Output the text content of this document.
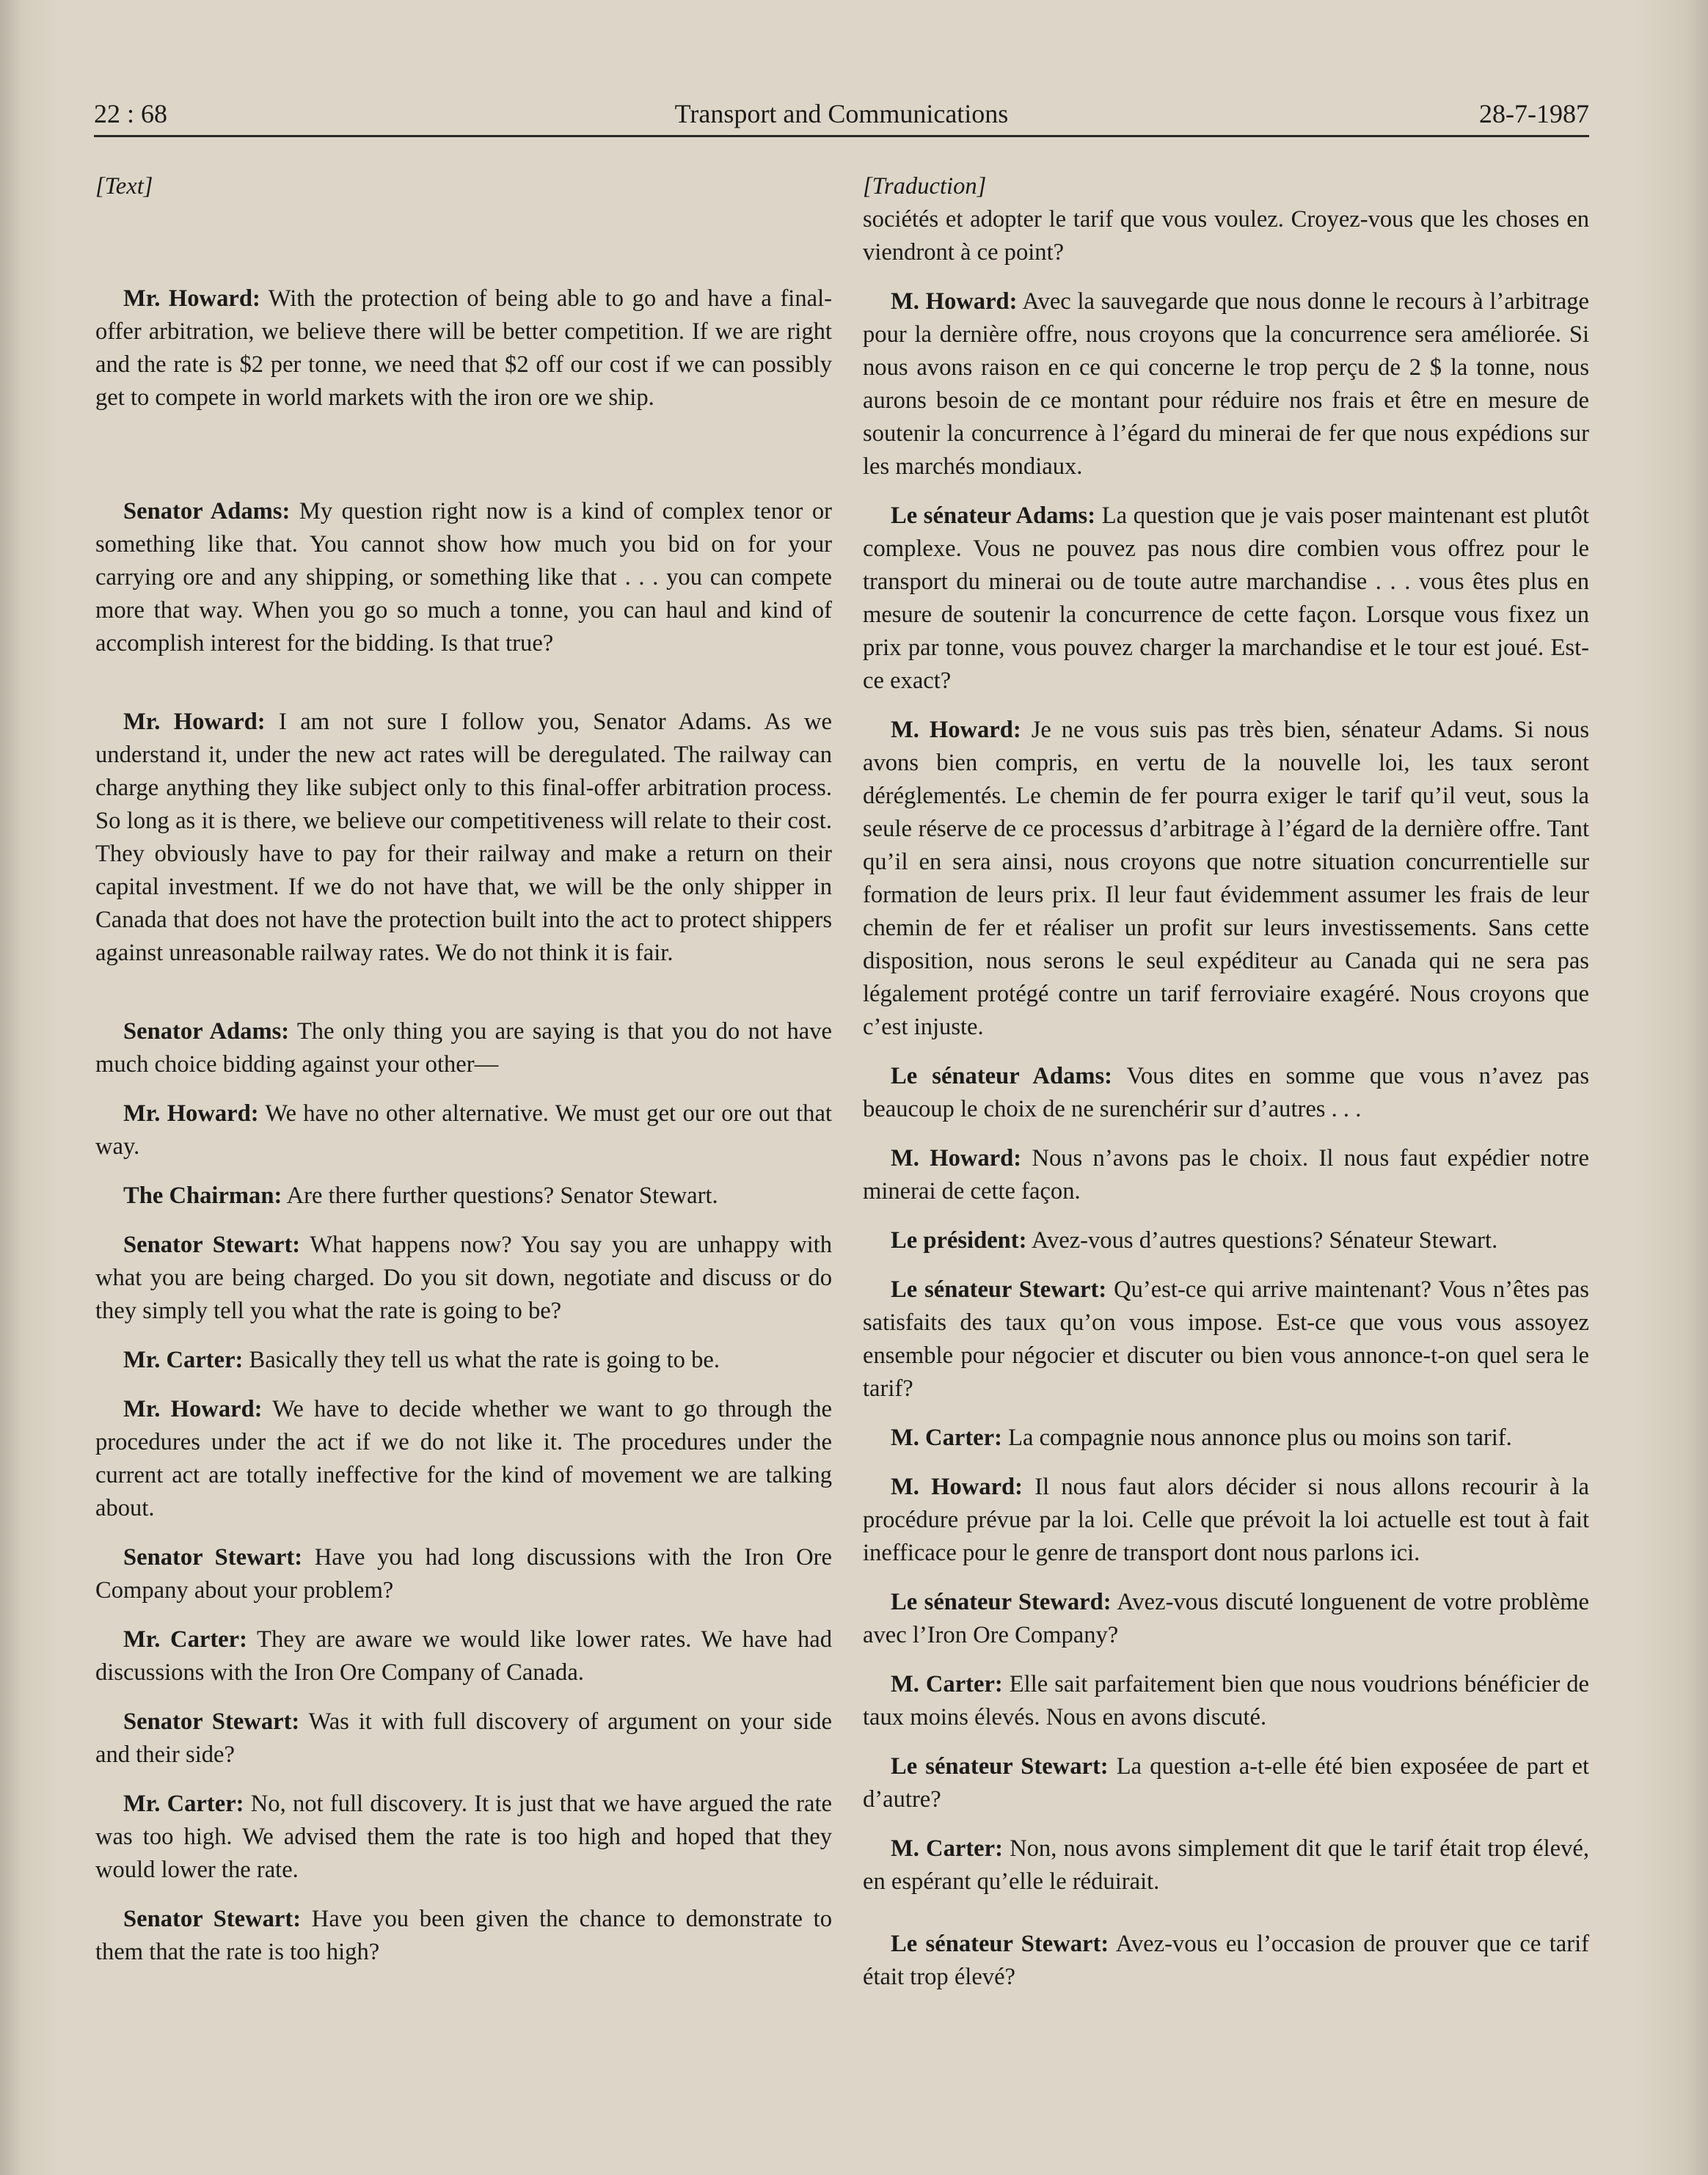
22 : 68	Transport and Communications	28-7-1987

[Text]

Mr. Howard: With the protection of being able to go and have a final-offer arbitration, we believe there will be better competition. If we are right and the rate is $2 per tonne, we need that $2 off our cost if we can possibly get to compete in world markets with the iron ore we ship.

Senator Adams: My question right now is a kind of complex tenor or something like that. You cannot show how much you bid on for your carrying ore and any shipping, or something like that . . . you can compete more that way. When you go so much a tonne, you can haul and kind of accomplish interest for the bidding. Is that true?

Mr. Howard: I am not sure I follow you, Senator Adams. As we understand it, under the new act rates will be deregulated. The railway can charge anything they like subject only to this final-offer arbitration process. So long as it is there, we believe our competitiveness will relate to their cost. They obviously have to pay for their railway and make a return on their capital investment. If we do not have that, we will be the only shipper in Canada that does not have the protection built into the act to protect shippers against unreasonable railway rates. We do not think it is fair.

Senator Adams: The only thing you are saying is that you do not have much choice bidding against your other—

Mr. Howard: We have no other alternative. We must get our ore out that way.

The Chairman: Are there further questions? Senator Stewart.

Senator Stewart: What happens now? You say you are unhappy with what you are being charged. Do you sit down, negotiate and discuss or do they simply tell you what the rate is going to be?

Mr. Carter: Basically they tell us what the rate is going to be.

Mr. Howard: We have to decide whether we want to go through the procedures under the act if we do not like it. The procedures under the current act are totally ineffective for the kind of movement we are talking about.

Senator Stewart: Have you had long discussions with the Iron Ore Company about your problem?

Mr. Carter: They are aware we would like lower rates. We have had discussions with the Iron Ore Company of Canada.

Senator Stewart: Was it with full discovery of argument on your side and their side?

Mr. Carter: No, not full discovery. It is just that we have argued the rate was too high. We advised them the rate is too high and hoped that they would lower the rate.

Senator Stewart: Have you been given the chance to demonstrate to them that the rate is too high?

[Traduction]

sociétés et adopter le tarif que vous voulez. Croyez-vous que les choses en viendront à ce point?

M. Howard: Avec la sauvegarde que nous donne le recours à l’arbitrage pour la dernière offre, nous croyons que la concurrence sera améliorée. Si nous avons raison en ce qui concerne le trop perçu de 2 $ la tonne, nous aurons besoin de ce montant pour réduire nos frais et être en mesure de soutenir la concurrence à l’égard du minerai de fer que nous expédions sur les marchés mondiaux.

Le sénateur Adams: La question que je vais poser maintenant est plutôt complexe. Vous ne pouvez pas nous dire combien vous offrez pour le transport du minerai ou de toute autre marchandise . . . vous êtes plus en mesure de soutenir la concurrence de cette façon. Lorsque vous fixez un prix par tonne, vous pouvez charger la marchandise et le tour est joué. Est-ce exact?

M. Howard: Je ne vous suis pas très bien, sénateur Adams. Si nous avons bien compris, en vertu de la nouvelle loi, les taux seront déréglementés. Le chemin de fer pourra exiger le tarif qu’il veut, sous la seule réserve de ce processus d’arbitrage à l’égard de la dernière offre. Tant qu’il en sera ainsi, nous croyons que notre situation concurrentielle sur formation de leurs prix. Il leur faut évidemment assumer les frais de leur chemin de fer et réaliser un profit sur leurs investissements. Sans cette disposition, nous serons le seul expéditeur au Canada qui ne sera pas légalement protégé contre un tarif ferroviaire exagéré. Nous croyons que c’est injuste.

Le sénateur Adams: Vous dites en somme que vous n’avez pas beaucoup le choix de ne surenchérir sur d’autres . . .

M. Howard: Nous n’avons pas le choix. Il nous faut expédier notre minerai de cette façon.

Le président: Avez-vous d’autres questions? Sénateur Stewart.

Le sénateur Stewart: Qu’est-ce qui arrive maintenant? Vous n’êtes pas satisfaits des taux qu’on vous impose. Est-ce que vous vous assoyez ensemble pour négocier et discuter ou bien vous annonce-t-on quel sera le tarif?

M. Carter: La compagnie nous annonce plus ou moins son tarif.

M. Howard: Il nous faut alors décider si nous allons recourir à la procédure prévue par la loi. Celle que prévoit la loi actuelle est tout à fait inefficace pour le genre de transport dont nous parlons ici.

Le sénateur Steward: Avez-vous discuté longuenent de votre problème avec l’Iron Ore Company?

M. Carter: Elle sait parfaitement bien que nous voudrions bénéficier de taux moins élevés. Nous en avons discuté.

Le sénateur Stewart: La question a-t-elle été bien exposéee de part et d’autre?

M. Carter: Non, nous avons simplement dit que le tarif était trop élevé, en espérant qu’elle le réduirait.

Le sénateur Stewart: Avez-vous eu l’occasion de prouver que ce tarif était trop élevé?
